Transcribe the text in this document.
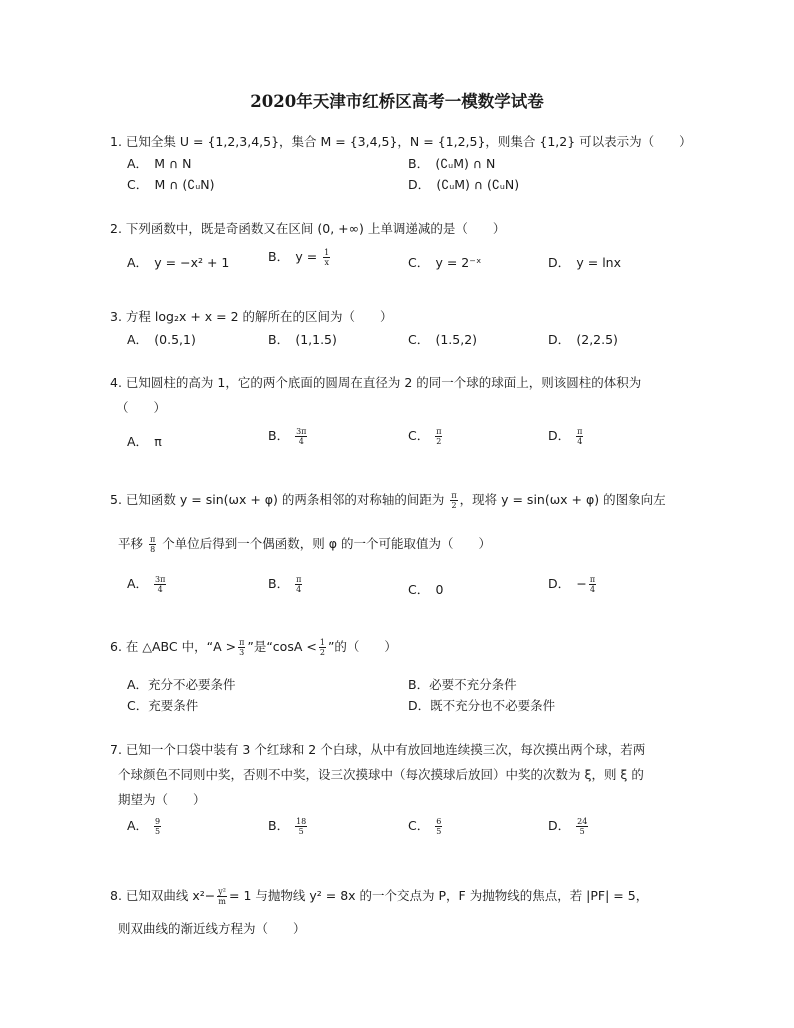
2020年天津市红桥区高考一模数学试卷
1. 已知全集 U = {1,2,3,4,5}，集合 M = {3,4,5}，N = {1,2,5}，则集合 {1,2} 可以表示为（　　）
A．　M ∩ N	B．　(∁ᵤM) ∩ N
C．　M ∩ (∁ᵤN)	D．　(∁ᵤM) ∩ (∁ᵤN)
2. 下列函数中，既是奇函数又在区间 (0, +∞) 上单调递减的是（　　）
A．　y = −x² + 1	B．　$y = \frac{1}{x}$	C．　y = 2⁻ˣ	D．　y = lnx
3. 方程 log₂x + x = 2 的解所在的区间为（　　）
A．　(0.5,1)	B．　(1,1.5)	C．　(1.5,2)	D．　(2,2.5)
4. 已知圆柱的高为 1，它的两个底面的圆周在直径为 2 的同一个球的球面上，则该圆柱的体积为
（　　）
A．　π	B． $\frac{3\pi}{4}$	C． $\frac{\pi}{2}$	D． $\frac{\pi}{4}$
5. 已知函数 y = sin(ωx + φ) 的两条相邻的对称轴的间距为 $\frac{\pi}{2}$ ，现将 y = sin(ωx + φ) 的图象向左
平移 $\frac{\pi}{8}$ 个单位后得到一个偶函数，则 φ 的一个可能取值为（　　）
A． $\frac{3\pi}{4}$	B． $\frac{\pi}{4}$	C．　0	D．　− $\frac{\pi}{4}$
6. 在 △ABC 中，“$A > \frac{\pi}{3}$ ”是“$\cos A < \frac{1}{2}$ ”的（　　）
A．充分不必要条件	B．必要不充分条件
C．充要条件	D．既不充分也不必要条件
7. 已知一个口袋中装有 3 个红球和 2 个白球，从中有放回地连续摸三次，每次摸出两个球，若两
个球颜色不同则中奖，否则不中奖，设三次摸球中（每次摸球后放回）中奖的次数为 ξ，则 ξ 的
期望为（　　）
A． $\frac{9}{5}$	B． $\frac{18}{5}$	C． $\frac{6}{5}$	D． $\frac{24}{5}$
8. 已知双曲线 $x^2- \frac{\text{y²}}{m} = 1$ 与抛物线 y² = 8x 的一个交点为 P，F 为抛物线的焦点，若 |PF| = 5，
则双曲线的渐近线方程为（　　）
